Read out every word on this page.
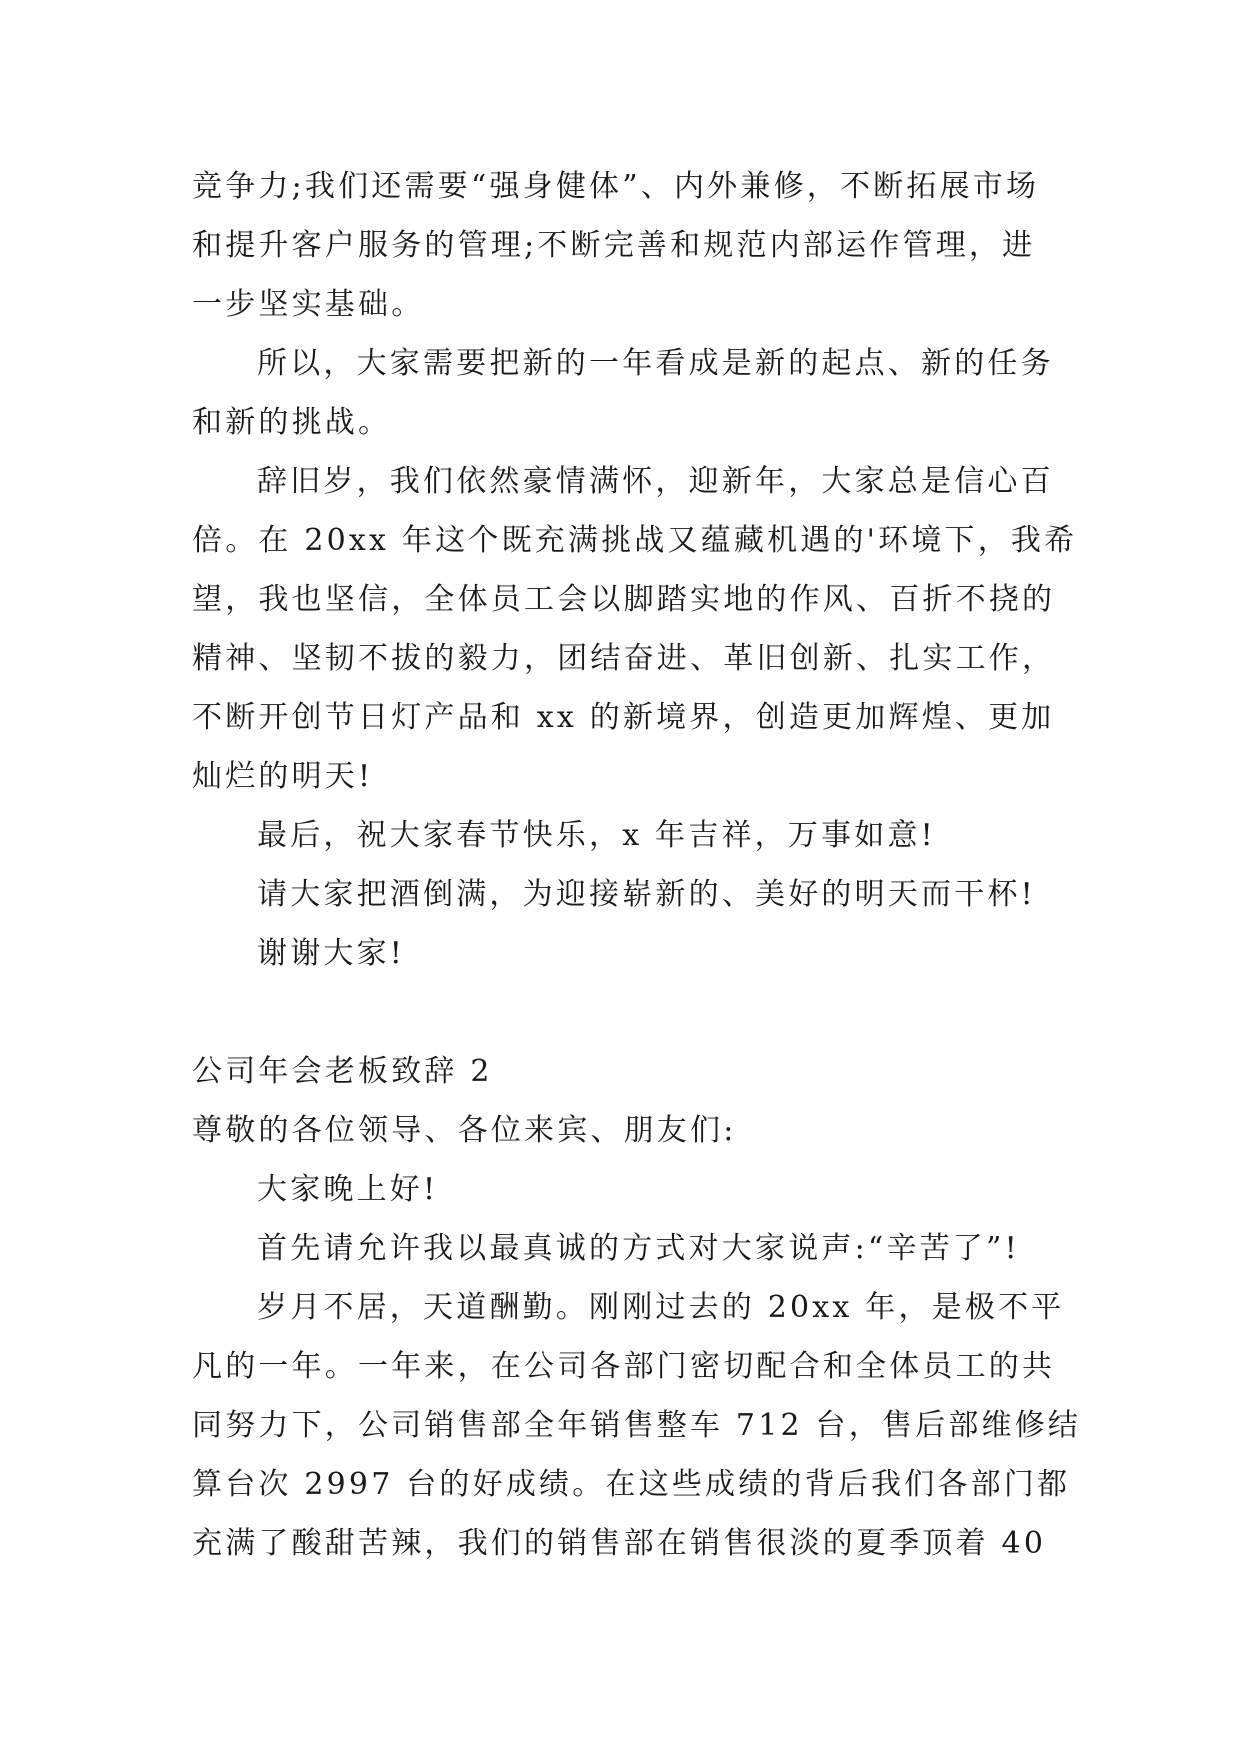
竞争力;我们还需要“强身健体”、内外兼修，不断拓展市场
和提升客户服务的管理;不断完善和规范内部运作管理，进
一步坚实基础。
所以，大家需要把新的一年看成是新的起点、新的任务
和新的挑战。
辞旧岁，我们依然豪情满怀，迎新年，大家总是信心百
倍。在 20xx 年这个既充满挑战又蕴藏机遇的'环境下，我希
望，我也坚信，全体员工会以脚踏实地的作风、百折不挠的
精神、坚韧不拔的毅力，团结奋进、革旧创新、扎实工作，
不断开创节日灯产品和 xx 的新境界，创造更加辉煌、更加
灿烂的明天!
最后，祝大家春节快乐，x 年吉祥，万事如意!
请大家把酒倒满，为迎接崭新的、美好的明天而干杯!
谢谢大家!
公司年会老板致辞 2
尊敬的各位领导、各位来宾、朋友们:
大家晚上好!
首先请允许我以最真诚的方式对大家说声:“辛苦了”!
岁月不居，天道酬勤。刚刚过去的 20xx 年，是极不平
凡的一年。一年来，在公司各部门密切配合和全体员工的共
同努力下，公司销售部全年销售整车 712 台，售后部维修结
算台次 2997 台的好成绩。在这些成绩的背后我们各部门都
充满了酸甜苦辣，我们的销售部在销售很淡的夏季顶着 40
